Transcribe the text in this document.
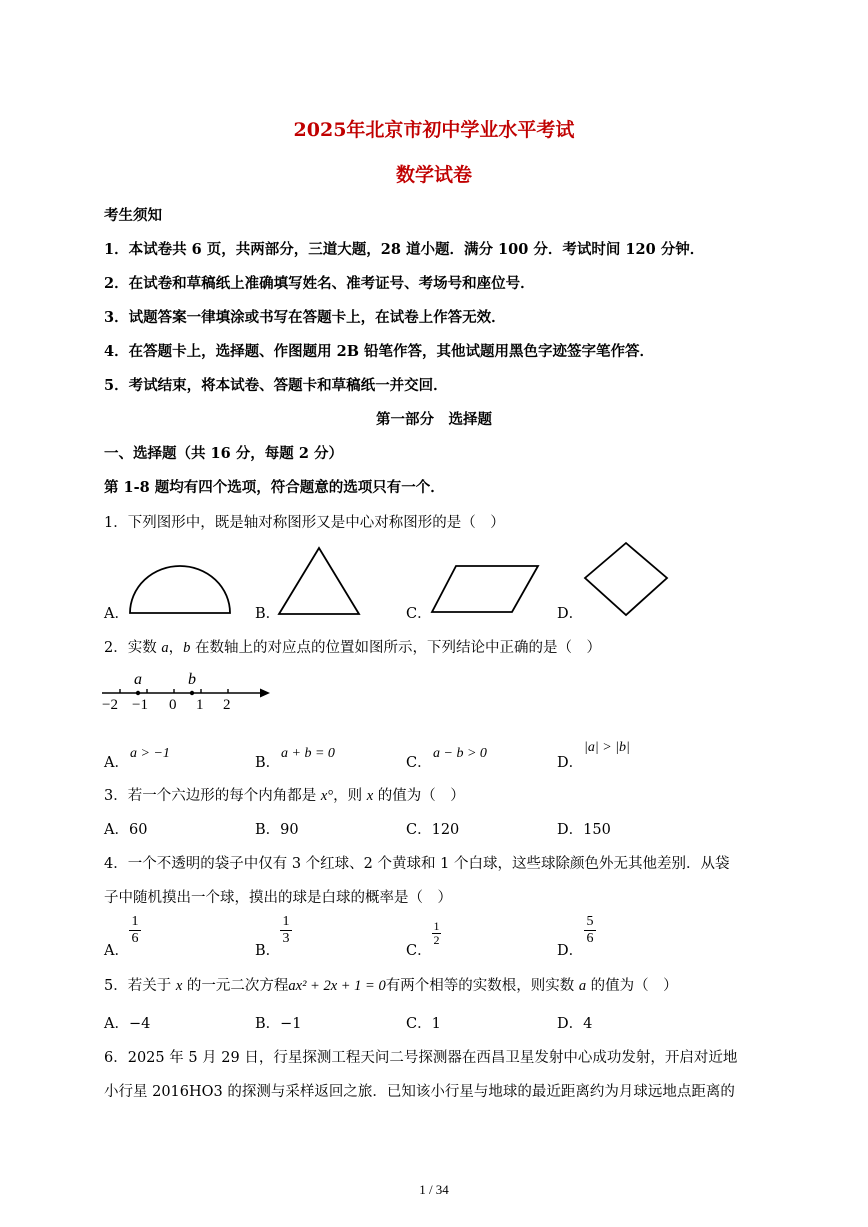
2025年北京市初中学业水平考试
数学试卷
考生须知
1．本试卷共 6 页，共两部分，三道大题，28 道小题．满分 100 分．考试时间 120 分钟．
2．在试卷和草稿纸上准确填写姓名、准考证号、考场号和座位号．
3．试题答案一律填涂或书写在答题卡上，在试卷上作答无效．
4．在答题卡上，选择题、作图题用 2B 铅笔作答，其他试题用黑色字迹签字笔作答．
5．考试结束，将本试卷、答题卡和草稿纸一并交回．
第一部分　选择题
一、选择题（共 16 分，每题 2 分）
第 1-8 题均有四个选项，符合题意的选项只有一个．
1．下列图形中，既是轴对称图形又是中心对称图形的是（　）
A．	B．	C．	D．
2．实数 a，b 在数轴上的对应点的位置如图所示，下列结论中正确的是（　）
a	b
−2 −1 0 1 2
A．
a > −1
B．
a + b = 0
C．
a − b > 0
D．
|a| > |b|
3．若一个六边形的每个内角都是 x°，则 x 的值为（　）
A．60	B．90	C．120	D．150
4．一个不透明的袋子中仅有 3 个红球、2 个黄球和 1 个白球，这些球除颜色外无其他差别．从袋
子中随机摸出一个球，摸出的球是白球的概率是（　）
A．
1
6
B．
1
3
C．
1
2
D．
5
6
5．若关于 x 的一元二次方程ax² + 2x + 1 = 0有两个相等的实数根，则实数 a 的值为（　）
A．−4	B．−1	C．1	D．4
6．2025 年 5 月 29 日，行星探测工程天问二号探测器在西昌卫星发射中心成功发射，开启对近地
小行星 2016HO3 的探测与采样返回之旅．已知该小行星与地球的最近距离约为月球远地点距离的
1 / 34
